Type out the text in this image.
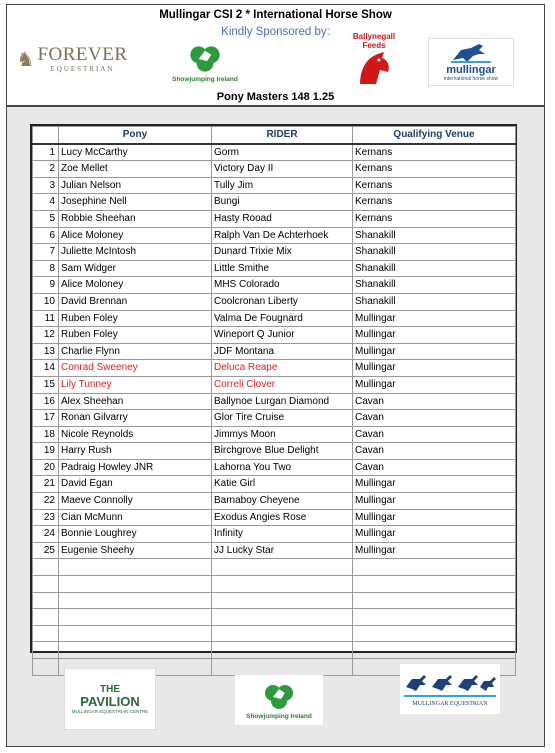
Mullingar CSI 2 * International Horse Show
Kindly Sponsored by:
Pony Masters 148 1.25
♞ FOREVER
EQUESTRIAN
Showjumping Ireland
Ballynegall Feeds
mullingar
international horse show
	Pony	RIDER	Qualifying Venue
1	Lucy McCarthy	Gorm	Kernans
2	Zoe Mellet	Victory Day II	Kernans
3	Julian Nelson	Tully Jim	Kernans
4	Josephine Nell	Bungi	Kernans
5	Robbie Sheehan	Hasty Rooad	Kernans
6	Alice Moloney	Ralph Van De Achterhoek	Shanakill
7	Juliette McIntosh	Dunard Trixie Mix	Shanakill
8	Sam Widger	Little Smithe	Shanakill
9	Alice Moloney	MHS Colorado	Shanakill
10	David Brennan	Coolcronan Liberty	Shanakill
11	Ruben Foley	Valma De Fougnard	Mullingar
12	Ruben Foley	Wineport Q Junior	Mullingar
13	Charlie Flynn	JDF Montana	Mullingar
14	Conrad Sweeney	Deluca Reape	Mullingar
15	Lily Tunney	Correli Clover	Mullingar
16	Alex Sheehan	Ballynoe Lurgan Diamond	Cavan
17	Ronan Gilvarry	Glor Tire Cruise	Cavan
18	Nicole Reynolds	Jimmys Moon	Cavan
19	Harry Rush	Birchgrove Blue Delight	Cavan
20	Padraig Howley JNR	Lahorna You Two	Cavan
21	David Egan	Katie Girl	Mullingar
22	Maeve Connolly	Barnaboy Cheyene	Mullingar
23	Cian McMunn	Exodus Angies Rose	Mullingar
24	Bonnie Loughrey	Infinity	Mullingar
25	Eugenie Sheehy	JJ Lucky Star	Mullingar

THE
PAVILION
MULLINGAR EQUESTRIAN CENTRE
Showjumping Ireland
MULLINGAR EQUESTRIAN
